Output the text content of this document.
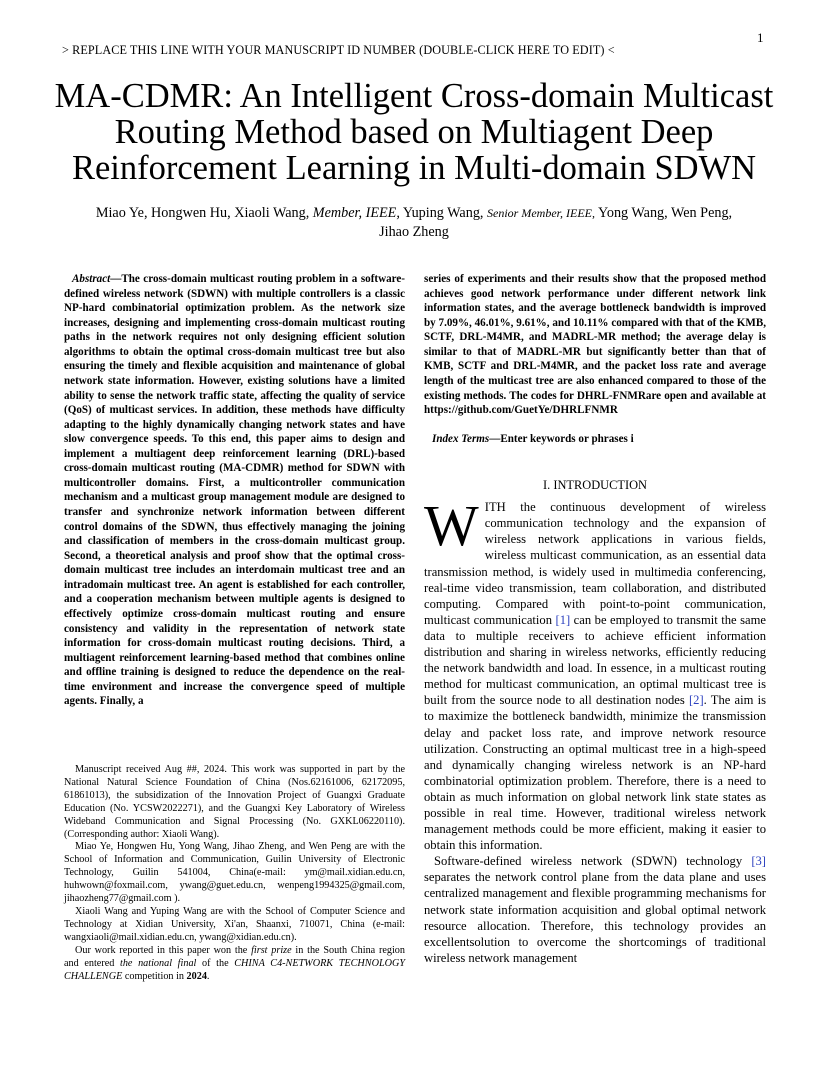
> REPLACE THIS LINE WITH YOUR MANUSCRIPT ID NUMBER (DOUBLE-CLICK HERE TO EDIT) <
1
MA-CDMR: An Intelligent Cross-domain Multicast
Routing Method based on Multiagent Deep
Reinforcement Learning in Multi-domain SDWN
Miao Ye, Hongwen Hu, Xiaoli Wang, Member, IEEE, Yuping Wang, Senior Member, IEEE, Yong Wang, Wen Peng,
Jihao Zheng

Abstract—The cross-domain multicast routing problem in a software-defined wireless network (SDWN) with multiple controllers is a classic NP-hard combinatorial optimization problem. As the network size increases, designing and implementing cross-domain multicast routing paths in the network requires not only designing efficient solution algorithms to obtain the optimal cross-domain multicast tree but also ensuring the timely and flexible acquisition and maintenance of global network state information. However, existing solutions have a limited ability to sense the network traffic state, affecting the quality of service (QoS) of multicast services. In addition, these methods have difficulty adapting to the highly dynamically changing network states and have slow convergence speeds. To this end, this paper aims to design and implement a multiagent deep reinforcement learning (DRL)-based cross-domain multicast routing (MA-CDMR) method for SDWN with multicontroller domains. First, a multicontroller communication mechanism and a multicast group management module are designed to transfer and synchronize network information between different control domains of the SDWN, thus effectively managing the joining and classification of members in the cross-domain multicast group. Second, a theoretical analysis and proof show that the optimal cross-domain multicast tree includes an interdomain multicast tree and an intradomain multicast tree. An agent is established for each controller, and a cooperation mechanism between multiple agents is designed to effectively optimize cross-domain multicast routing and ensure consistency and validity in the representation of network state information for cross-domain multicast routing decisions. Third, a multiagent reinforcement learning-based method that combines online and offline training is designed to reduce the dependence on the real-time environment and increase the convergence speed of multiple agents. Finally, a

series of experiments and their results show that the proposed method achieves good network performance under different network link information states, and the average bottleneck bandwidth is improved by 7.09%, 46.01%, 9.61%, and 10.11% compared with that of the KMB, SCTF, DRL-M4MR, and MADRL-MR method; the average delay is similar to that of MADRL-MR but significantly better than that of KMB, SCTF and DRL-M4MR, and the packet loss rate and average length of the multicast tree are also enhanced compared to those of the existing methods. The codes for DHRL-FNMRare open and available at https://github.com/GuetYe/DHRLFNMR

Index Terms—Enter keywords or phrases i

I. INTRODUCTION

WITH the continuous development of wireless communication technology and the expansion of wireless network applications in various fields, wireless multicast communication, as an essential data transmission method, is widely used in multimedia conferencing, real-time video transmission, team collaboration, and distributed computing. Compared with point-to-point communication, multicast communication [1] can be employed to transmit the same data to multiple receivers to achieve efficient information distribution and sharing in wireless networks, efficiently reducing the network bandwidth and load. In essence, in a multicast routing method for multicast communication, an optimal multicast tree is built from the source node to all destination nodes [2]. The aim is to maximize the bottleneck bandwidth, minimize the transmission delay and packet loss rate, and improve network resource utilization. Constructing an optimal multicast tree in a high-speed and dynamically changing wireless network is an NP-hard combinatorial optimization problem. Therefore, there is a need to obtain as much information on global network link state states as possible in real time. However, traditional wireless network management methods could be more efficient, making it easier to obtain this information.

Software-defined wireless network (SDWN) technology [3] separates the network control plane from the data plane and uses centralized management and flexible programming mechanisms for network state information acquisition and global optimal network resource allocation. Therefore, this technology provides an excellentsolution to overcome the shortcomings of traditional wireless network management

Manuscript received Aug ##, 2024. This work was supported in part by the National Natural Science Foundation of China (Nos.62161006, 62172095, 61861013), the subsidization of the Innovation Project of Guangxi Graduate Education (No. YCSW2022271), and the Guangxi Key Laboratory of Wireless Wideband Communication and Signal Processing (No. GXKL06220110). (Corresponding author: Xiaoli Wang).

Miao Ye, Hongwen Hu, Yong Wang, Jihao Zheng, and Wen Peng are with the School of Information and Communication, Guilin University of Electronic Technology, Guilin 541004, China(e-mail: ym@mail.xidian.edu.cn, huhwown@foxmail.com, ywang@guet.edu.cn, wenpeng1994325@gmail.com, jihaozheng77@gmail.com ).

Xiaoli Wang and Yuping Wang are with the School of Computer Science and Technology at Xidian University, Xi'an, Shaanxi, 710071, China (e-mail: wangxiaoli@mail.xidian.edu.cn, ywang@xidian.edu.cn).

Our work reported in this paper won the first prize in the South China region and entered the national final of the CHINA C4-NETWORK TECHNOLOGY CHALLENGE competition in 2024.
